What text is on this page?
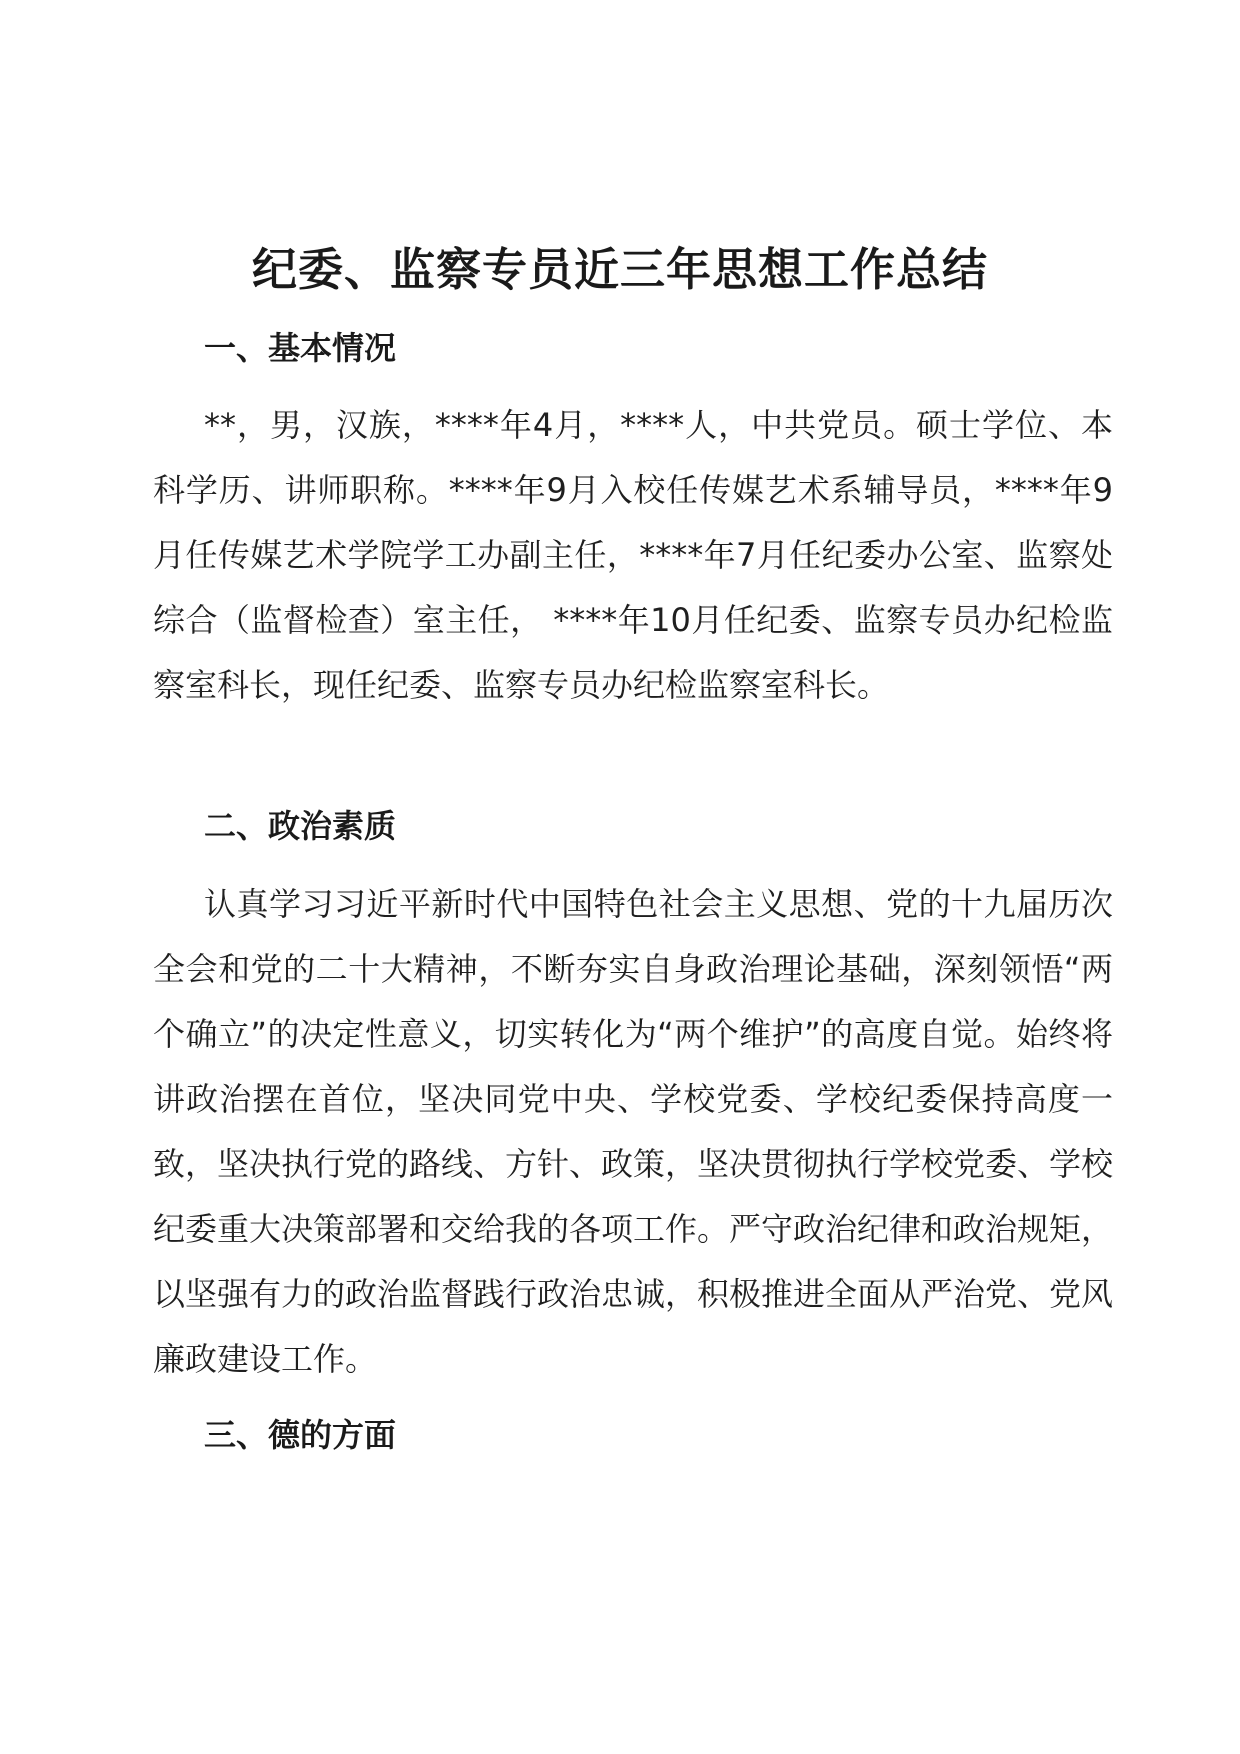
纪委、监察专员近三年思想工作总结
一、基本情况

**，男，汉族，****年4月，****人，中共党员。硕士学位、本科学历、讲师职称。****年9月入校任传媒艺术系辅导员，****年9月任传媒艺术学院学工办副主任，****年7月任纪委办公室、监察处综合（监督检查）室主任， ****年10月任纪委、监察专员办纪检监察室科长，现任纪委、监察专员办纪检监察室科长。

二、政治素质

认真学习习近平新时代中国特色社会主义思想、党的十九届历次全会和党的二十大精神，不断夯实自身政治理论基础，深刻领悟“两个确立”的决定性意义，切实转化为“两个维护”的高度自觉。始终将讲政治摆在首位，坚决同党中央、学校党委、学校纪委保持高度一致，坚决执行党的路线、方针、政策，坚决贯彻执行学校党委、学校纪委重大决策部署和交给我的各项工作。严守政治纪律和政治规矩，以坚强有力的政治监督践行政治忠诚，积极推进全面从严治党、党风廉政建设工作。

三、德的方面
